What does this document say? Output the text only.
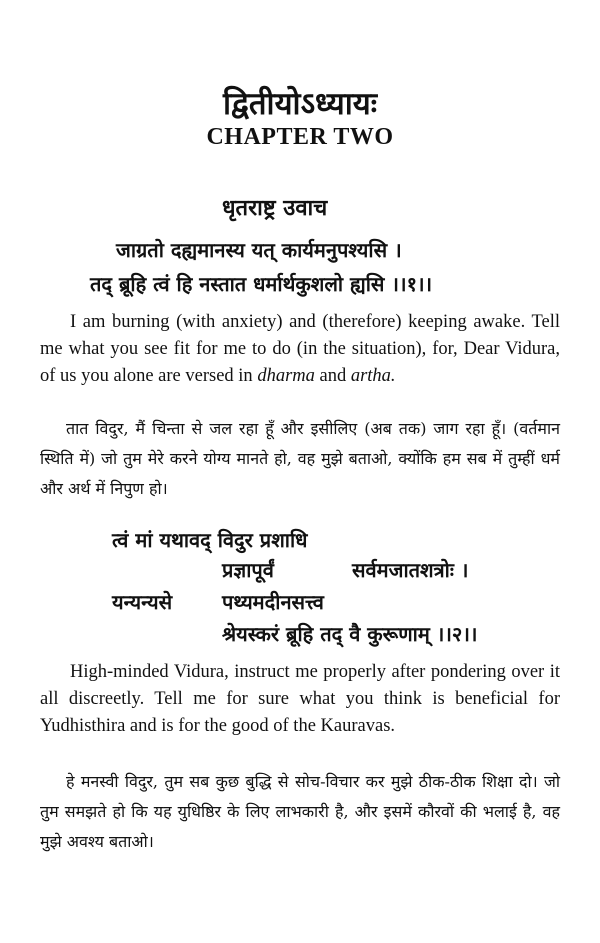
द्वितीयोऽध्यायः
CHAPTER TWO
धृतराष्ट्र उवाच
जाग्रतो दह्यमानस्य यत् कार्यमनुपश्यसि ।
तद् ब्रूहि त्वं हि नस्तात धर्मार्थकुशलो ह्यसि ।।१।।

I am burning (with anxiety) and (therefore) keeping awake. Tell me what you see fit for me to do (in the situation), for, Dear Vidura, of us you alone are versed in dharma and artha.

तात विदुर, मैं चिन्ता से जल रहा हूँ और इसीलिए (अब तक) जाग रहा हूँ। (वर्तमान स्थिति में) जो तुम मेरे करने योग्य मानते हो, वह मुझे बताओ, क्योंकि हम सब में तुम्हीं धर्म और अर्थ में निपुण हो।

त्वं मां यथावद् विदुर प्रशाधि
प्रज्ञापूर्वं	सर्वमजातशत्रोः ।
यन्यन्यसे पथ्यमदीनसत्त्व
श्रेयस्करं ब्रूहि तद् वै कुरूणाम् ।।२।।

High-minded Vidura, instruct me properly after pondering over it all discreetly. Tell me for sure what you think is beneficial for Yudhisthira and is for the good of the Kauravas.

हे मनस्वी विदुर, तुम सब कुछ बुद्धि से सोच-विचार कर मुझे ठीक-ठीक शिक्षा दो। जो तुम समझते हो कि यह युधिष्ठिर के लिए लाभकारी है, और इसमें कौरवों की भलाई है, वह मुझे अवश्य बताओ।
